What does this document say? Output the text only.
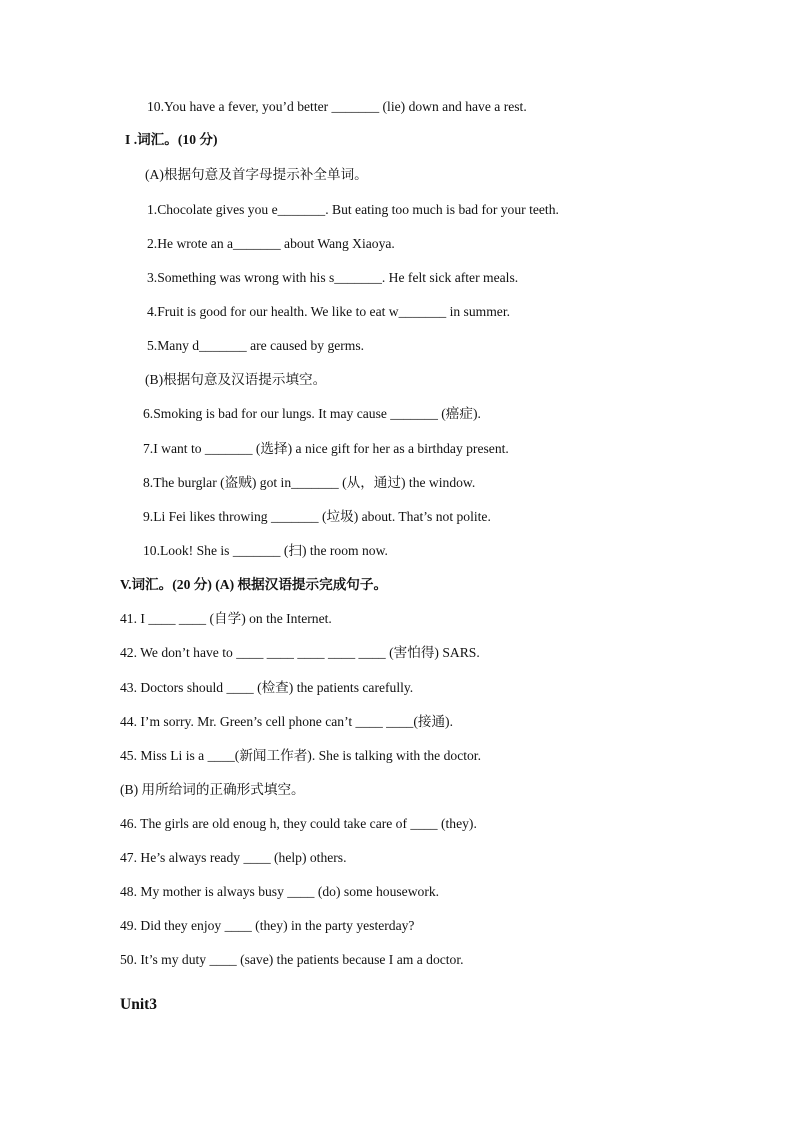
10.You have a fever, you’d better _______ (lie) down and have a rest.
I .词汇。(10 分)
(A)根据句意及首字母提示补全单词。
1.Chocolate gives you e_______. But eating too much is bad for your teeth.
2.He wrote an a_______ about Wang Xiaoya.
3.Something was wrong with his s_______. He felt sick after meals.
4.Fruit is good for our health. We like to eat w_______ in summer.
5.Many d_______ are caused by germs.
(B)根据句意及汉语提示填空。
6.Smoking is bad for our lungs. It may cause _______ (癌症).
7.I want to _______ (选择) a nice gift for her as a birthday present.
8.The burglar (盗贼) got in_______ (从，通过) the window.
9.Li Fei likes throwing _______ (垃圾) about. That’s not polite.
10.Look! She is _______ (扫) the room now.
V.词汇。(20 分) (A) 根据汉语提示完成句子。
41. I ____ ____ (自学) on the Internet.
42. We don’t have to ____ ____ ____ ____ ____ (害怕得) SARS.
43. Doctors should ____ (检查) the patients carefully.
44. I’m sorry. Mr. Green’s cell phone can’t ____ ____(接通).
45. Miss Li is a ____(新闻工作者). She is talking with the doctor.
(B) 用所给词的正确形式填空。
46. The girls are old enoug h, they could take care of ____ (they).
47. He’s always ready ____ (help) others.
48. My mother is always busy ____ (do) some housework.
49. Did they enjoy ____ (they) in the party yesterday?
50. It’s my duty ____ (save) the patients because I am a doctor.
Unit3
